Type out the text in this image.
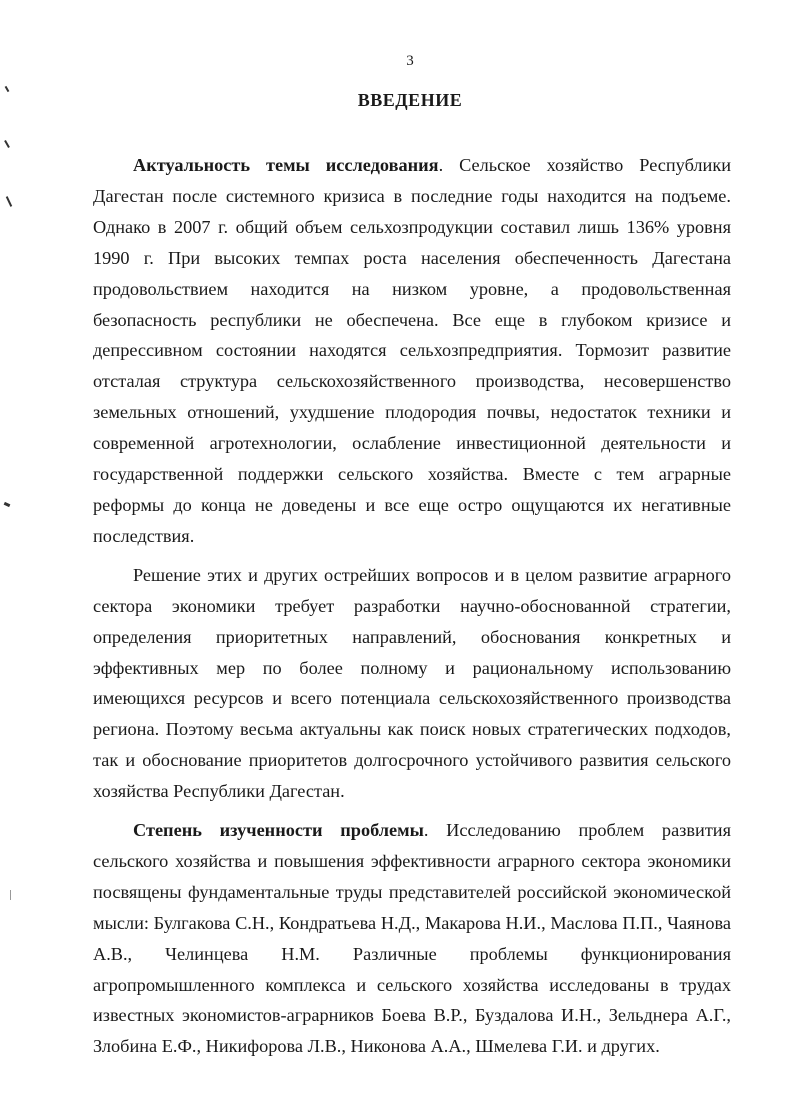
3
ВВЕДЕНИЕ

Актуальность темы исследования. Сельское хозяйство Республики Дагестан после системного кризиса в последние годы находится на подъеме. Однако в 2007 г. общий объем сельхозпродукции составил лишь 136% уровня 1990 г. При высоких темпах роста населения обеспеченность Дагестана продовольствием находится на низком уровне, а продовольственная безопасность республики не обеспечена. Все еще в глубоком кризисе и депрессивном состоянии находятся сельхозпредприятия. Тормозит развитие отсталая структура сельскохозяйственного производства, несовершенство земельных отношений, ухудшение плодородия почвы, недостаток техники и современной агротехнологии, ослабление инвестиционной деятельности и государственной поддержки сельского хозяйства. Вместе с тем аграрные реформы до конца не доведены и все еще остро ощущаются их негативные последствия.

Решение этих и других острейших вопросов и в целом развитие аграрного сектора экономики требует разработки научно-обоснованной стратегии, определения приоритетных направлений, обоснования конкретных и эффективных мер по более полному и рациональному использованию имеющихся ресурсов и всего потенциала сельскохозяйственного производства региона. Поэтому весьма актуальны как поиск новых стратегических подходов, так и обоснование приоритетов долгосрочного устойчивого развития сельского хозяйства Республики Дагестан.

Степень изученности проблемы. Исследованию проблем развития сельского хозяйства и повышения эффективности аграрного сектора экономики посвящены фундаментальные труды представителей российской экономической мысли: Булгакова С.Н., Кондратьева Н.Д., Макарова Н.И., Маслова П.П., Чаянова А.В., Челинцева Н.М. Различные проблемы функционирования агропромышленного комплекса и сельского хозяйства исследованы в трудах известных экономистов-аграрников Боева В.Р., Буздалова И.Н., Зельднера А.Г., Злобина Е.Ф., Никифорова Л.В., Никонова А.А., Шмелева Г.И. и других.
